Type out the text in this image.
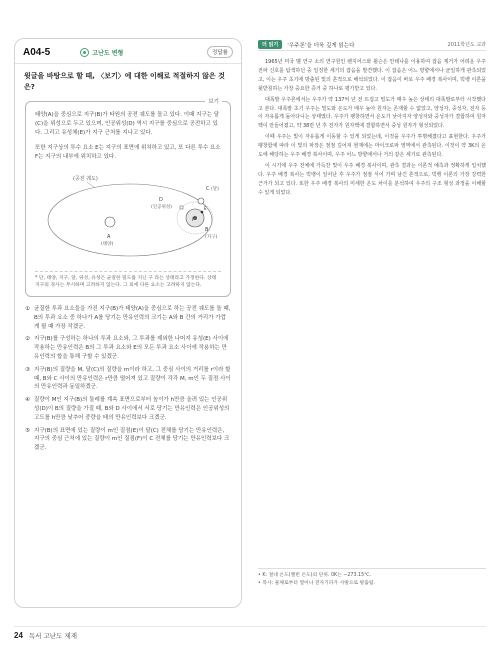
A04-5	고난도 변형	정답률
윗글을 바탕으로 할 때, 〈보기〉에 대한 이해로 적절하지 않은 것은?
보기

태양(A)을 중심으로 지구(B)가 타원의 공전 궤도를 돌고 있다. 이때 지구는 달(C)을 위성으로 두고 있으며, 인공위성(D) 역시 지구를 중심으로 공전하고 있다. 그리고 유성체(E)가 지구 근처를 지나고 있다.

또한 지구상의 투수 요소 E는 지구의 표면에 위치하고 있고, 또 다른 투수 요소 F는 지구의 내부에 위치하고 있다.

(공전 궤도)
A
(태양)
F
E
C (달)
D
(인공위성)
B
(지구)
* 단, 태양, 지구, 달, 위성, 유성은 균질한 밀도를 지닌 구 라는 상태라고 가정한다. 상태 지구의 경사는 무시하며 고려하지 않는다. 그 외에 다른 요소는 고려하지 않는다.
① 균질한 투과 요소들을 가진 지구(B)가 태양(A)을 중심으로 하는 공전 궤도를 돌 때, B의 투과 요소 중 하나가 A를 당기는 만유인력의 크기는 A와 B 간의 거리가 가깝게 될 때 가장 작겠군.
② 지구(B)를 구성하는 하나의 투과 요소와, 그 투과를 제외한 나머지 유성(E) 사이에 작용하는 만유인력은 B의 그 투과 요소와 E의 모든 투과 요소 사이에 작용하는 만유인력의 합을 통해 구할 수 있겠군.
③ 지구(B)의 질량을 M, 달(C)의 질량을 m이라 하고, 그 중심 사이의 거리를 r이라 할 때, B와 C 사이의 만유인력은 r만큼 떨어져 있고 질량이 각각 M, m인 두 질점 사이의 만유인력과 동일하겠군.
④ 질량이 M인 지구(B)의 둘레를 계속 표면으로부터 높이가 h만큼 올려 있는 인공위성(D)이 B의 질량을 가질 때, B와 D 사이에서 서로 당기는 만유인력은 인공위성의 고도를 h만큼 낮추어 중량을 태의 만유인력보다 크겠군.
⑤ 지구(B)의 표면에 있는 질량이 m인 질점(E)이 달(C) 전체를 당기는 만유인력은, 지구의 중심 근처에 있는 질량이 m인 질점(F)이 C 전체를 당기는 만유인력보다 크겠군.
더 읽기	‘우주론’을 더욱 깊게 읽는다	2011학년도 교과

1965년 미국 벨 연구 소의 연구원인 펜지어스와 윌슨은 안테나를 이용하여 잡음 제거가 어려운 우주 전파 신호를 탐색하던 중 일정한 세기의 잡음을 발견했다. 이 잡음은 어느 방향에서나 균일하게 관측되었고, 이는 우주 초기에 방출된 빛의 흔적으로 해석되었다. 이 잡음이 바로 우주 배경 복사이며, 빅뱅 이론을 뒷받침하는 가장 중요한 증거 중 하나로 평가받고 있다.

대폭발 우주론에서는 우주가 약 137억 년 전 뜨겁고 밀도가 매우 높은 상태의 대폭발로부터 시작했다고 본다. 대폭발 초기 우주는 밀도와 온도가 매우 높아 원자는 존재할 수 없었고, 양성자, 중성자, 전자 등이 자유롭게 돌아다니는 상태였다. 우주가 팽창하면서 온도가 낮아지자 양성자와 중성자가 결합하여 원자핵이 만들어졌고, 약 38만 년 후 전자가 원자핵에 결합하면서 중성 원자가 형성되었다.

이때 우주는 빛이 자유롭게 이동할 수 있게 되었는데, 이것을 우주가 투명해졌다고 표현한다. 우주가 팽창함에 따라 이 빛의 파장은 점점 길어져 현재에는 마이크로파 영역에서 관측된다. 이것이 약 3K의 온도에 해당하는 우주 배경 복사이며, 우주 어느 방향에서나 거의 같은 세기로 관측된다.

이 시기에 우주 전체에 가득찬 빛이 우주 배경 복사이며, 관측 결과는 이론적 예측과 정확하게 일치했다. 우주 배경 복사는 빅뱅이 일어난 후 우주가 점점 식어 가며 남긴 흔적으로, 빅뱅 이론의 가장 강력한 근거가 되고 있다. 또한 우주 배경 복사의 미세한 온도 차이를 분석하여 우주의 구조 형성 과정을 이해할 수 있게 되었다.

• K: 절대 온도(켈빈 온도)의 단위. 0K는 −273.15℃.
• 복사: 물체로부터 열이나 전자기파가 사방으로 방출됨.
24 독서 고난도 제재
